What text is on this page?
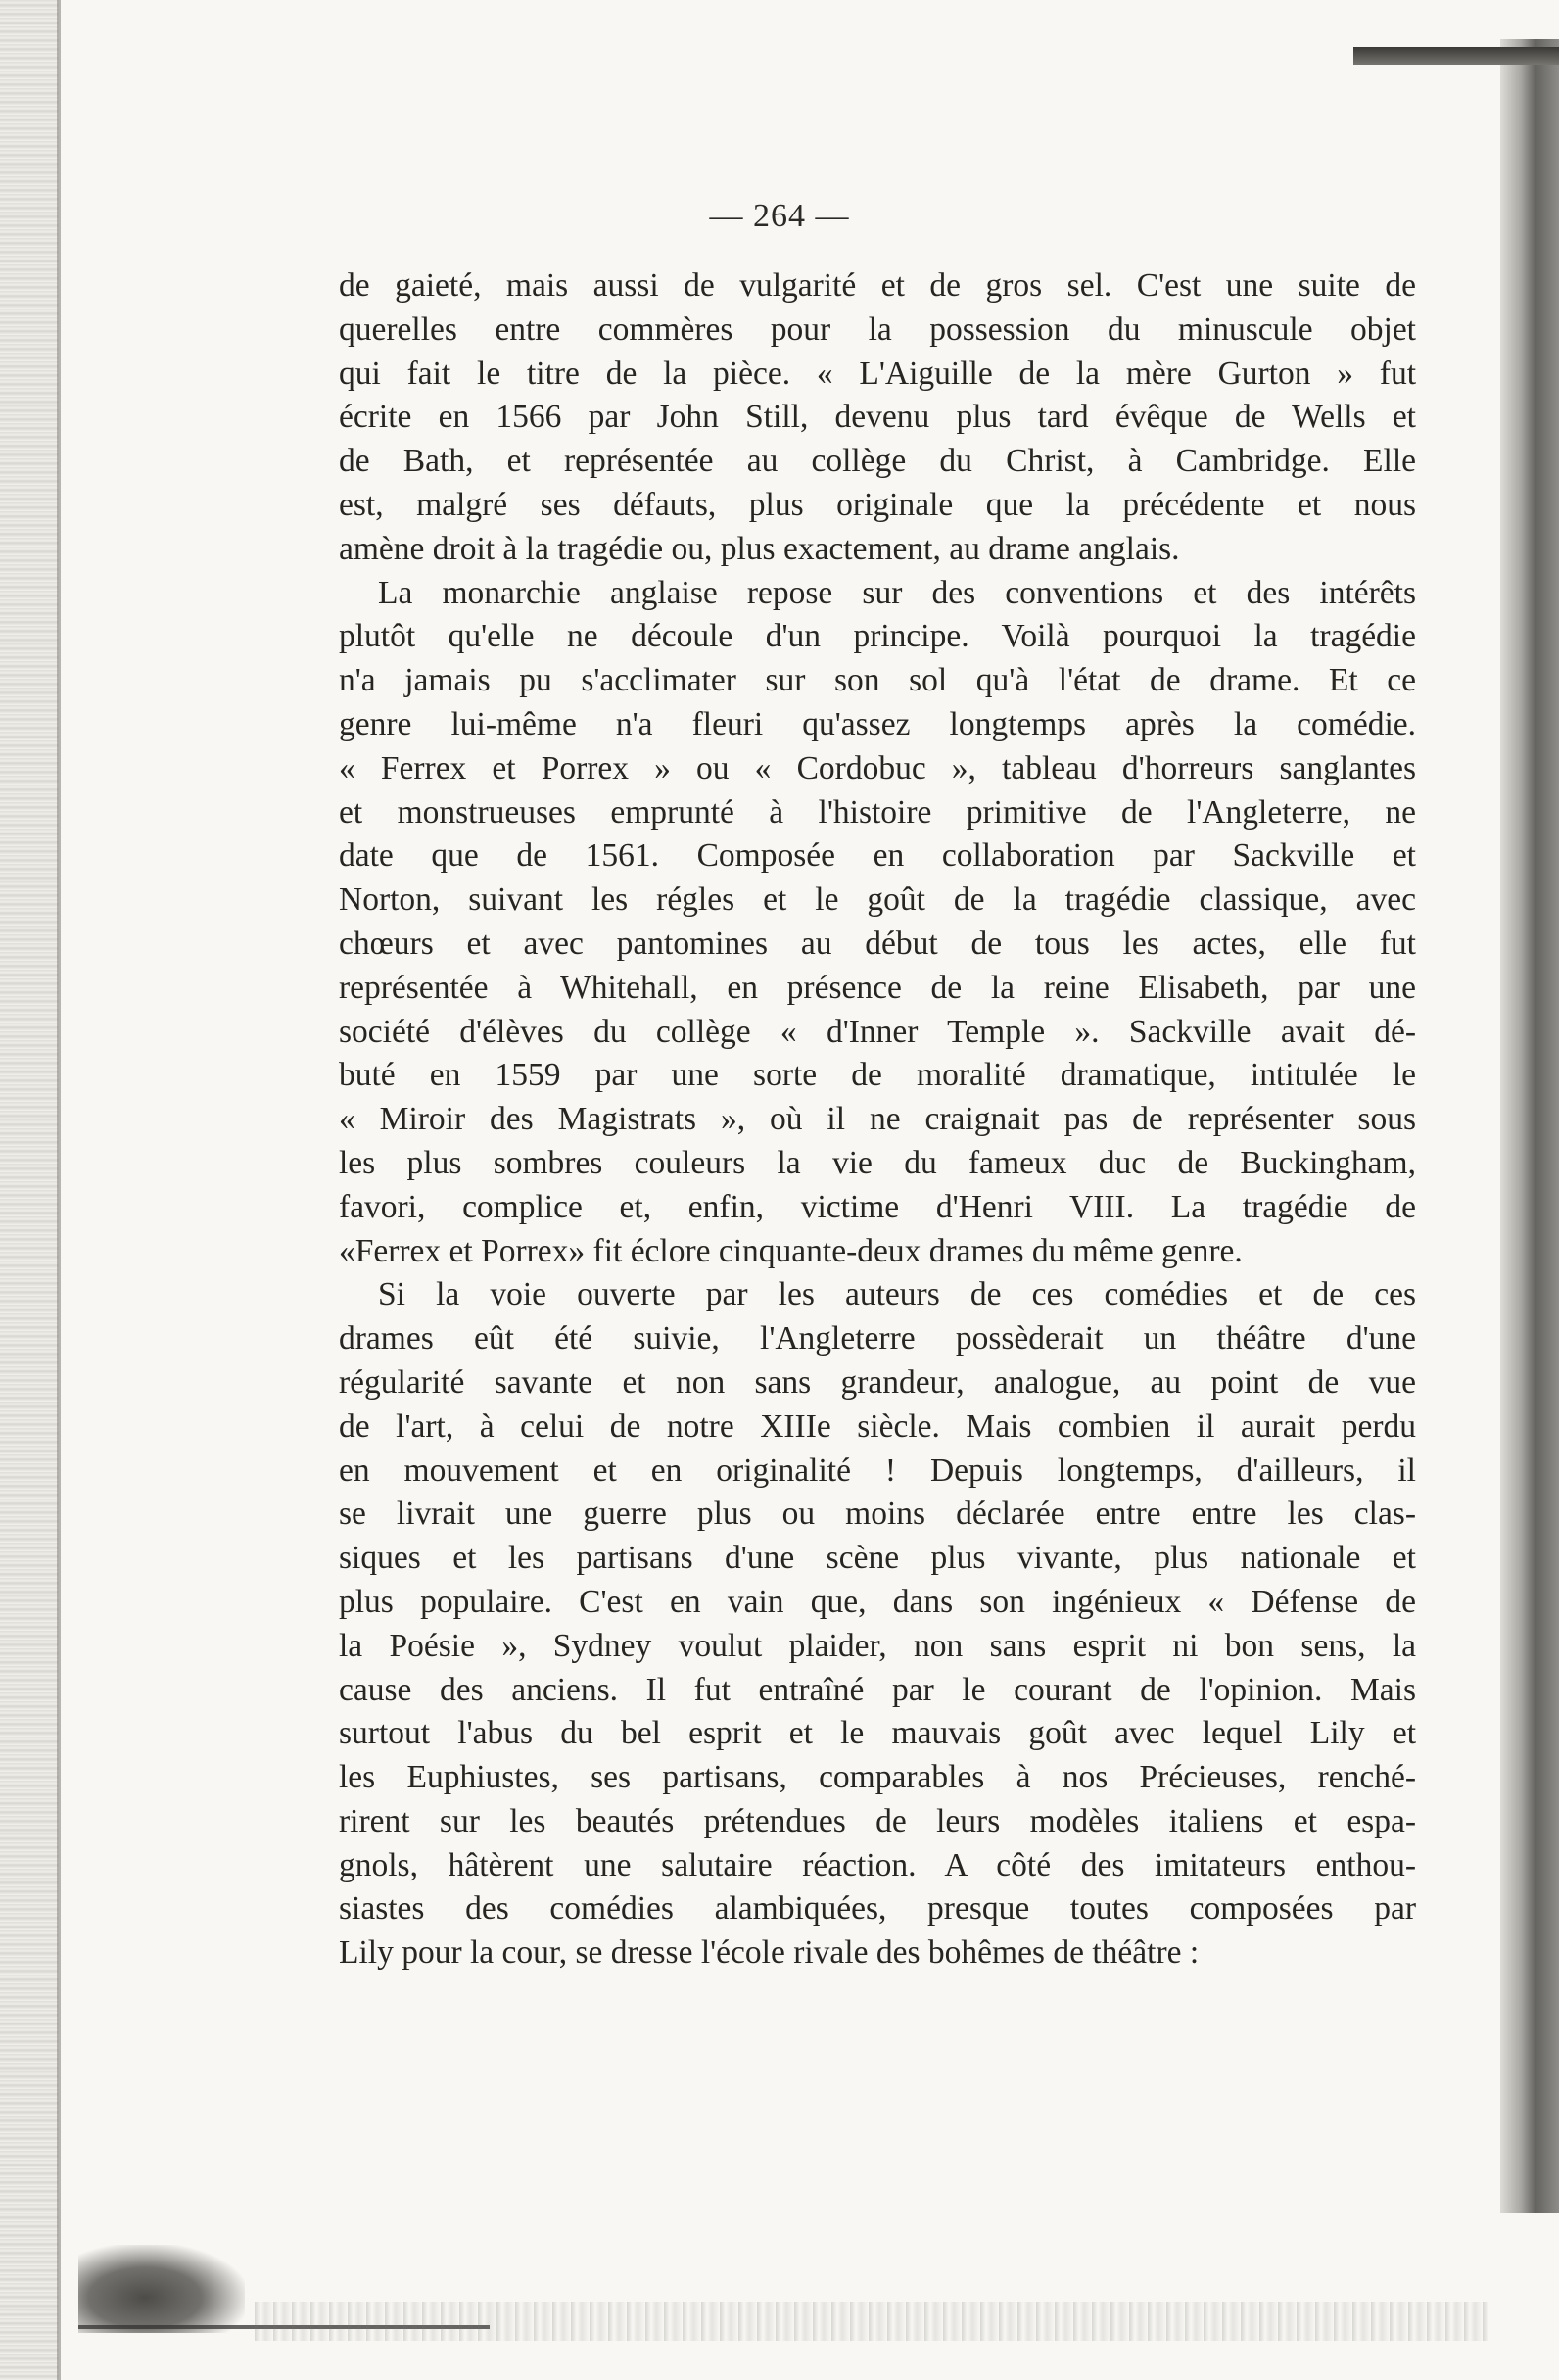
— 264 —
de gaieté, mais aussi de vulgarité et de gros sel. C'est une suite de
querelles entre commères pour la possession du minuscule objet
qui fait le titre de la pièce. « L'Aiguille de la mère Gurton » fut
écrite en 1566 par John Still, devenu plus tard évêque de Wells et
de Bath, et représentée au collège du Christ, à Cambridge. Elle
est, malgré ses défauts, plus originale que la précédente et nous
amène droit à la tragédie ou, plus exactement, au drame anglais.
La monarchie anglaise repose sur des conventions et des intérêts
plutôt qu'elle ne découle d'un principe. Voilà pourquoi la tragédie
n'a jamais pu s'acclimater sur son sol qu'à l'état de drame. Et ce
genre lui-même n'a fleuri qu'assez longtemps après la comédie.
« Ferrex et Porrex » ou « Cordobuc », tableau d'horreurs sanglantes
et monstrueuses emprunté à l'histoire primitive de l'Angleterre, ne
date que de 1561. Composée en collaboration par Sackville et
Norton, suivant les régles et le goût de la tragédie classique, avec
chœurs et avec pantomines au début de tous les actes, elle fut
représentée à Whitehall, en présence de la reine Elisabeth, par une
société d'élèves du collège « d'Inner Temple ». Sackville avait dé-
buté en 1559 par une sorte de moralité dramatique, intitulée le
« Miroir des Magistrats », où il ne craignait pas de représenter sous
les plus sombres couleurs la vie du fameux duc de Buckingham,
favori, complice et, enfin, victime d'Henri VIII. La tragédie de
«Ferrex et Porrex» fit éclore cinquante-deux drames du même genre.
Si la voie ouverte par les auteurs de ces comédies et de ces
drames eût été suivie, l'Angleterre possèderait un théâtre d'une
régularité savante et non sans grandeur, analogue, au point de vue
de l'art, à celui de notre XIIIe siècle. Mais combien il aurait perdu
en mouvement et en originalité ! Depuis longtemps, d'ailleurs, il
se livrait une guerre plus ou moins déclarée entre entre les clas-
siques et les partisans d'une scène plus vivante, plus nationale et
plus populaire. C'est en vain que, dans son ingénieux « Défense de
la Poésie », Sydney voulut plaider, non sans esprit ni bon sens, la
cause des anciens. Il fut entraîné par le courant de l'opinion. Mais
surtout l'abus du bel esprit et le mauvais goût avec lequel Lily et
les Euphiustes, ses partisans, comparables à nos Précieuses, renché-
rirent sur les beautés prétendues de leurs modèles italiens et espa-
gnols, hâtèrent une salutaire réaction. A côté des imitateurs enthou-
siastes des comédies alambiquées, presque toutes composées par
Lily pour la cour, se dresse l'école rivale des bohêmes de théâtre :
